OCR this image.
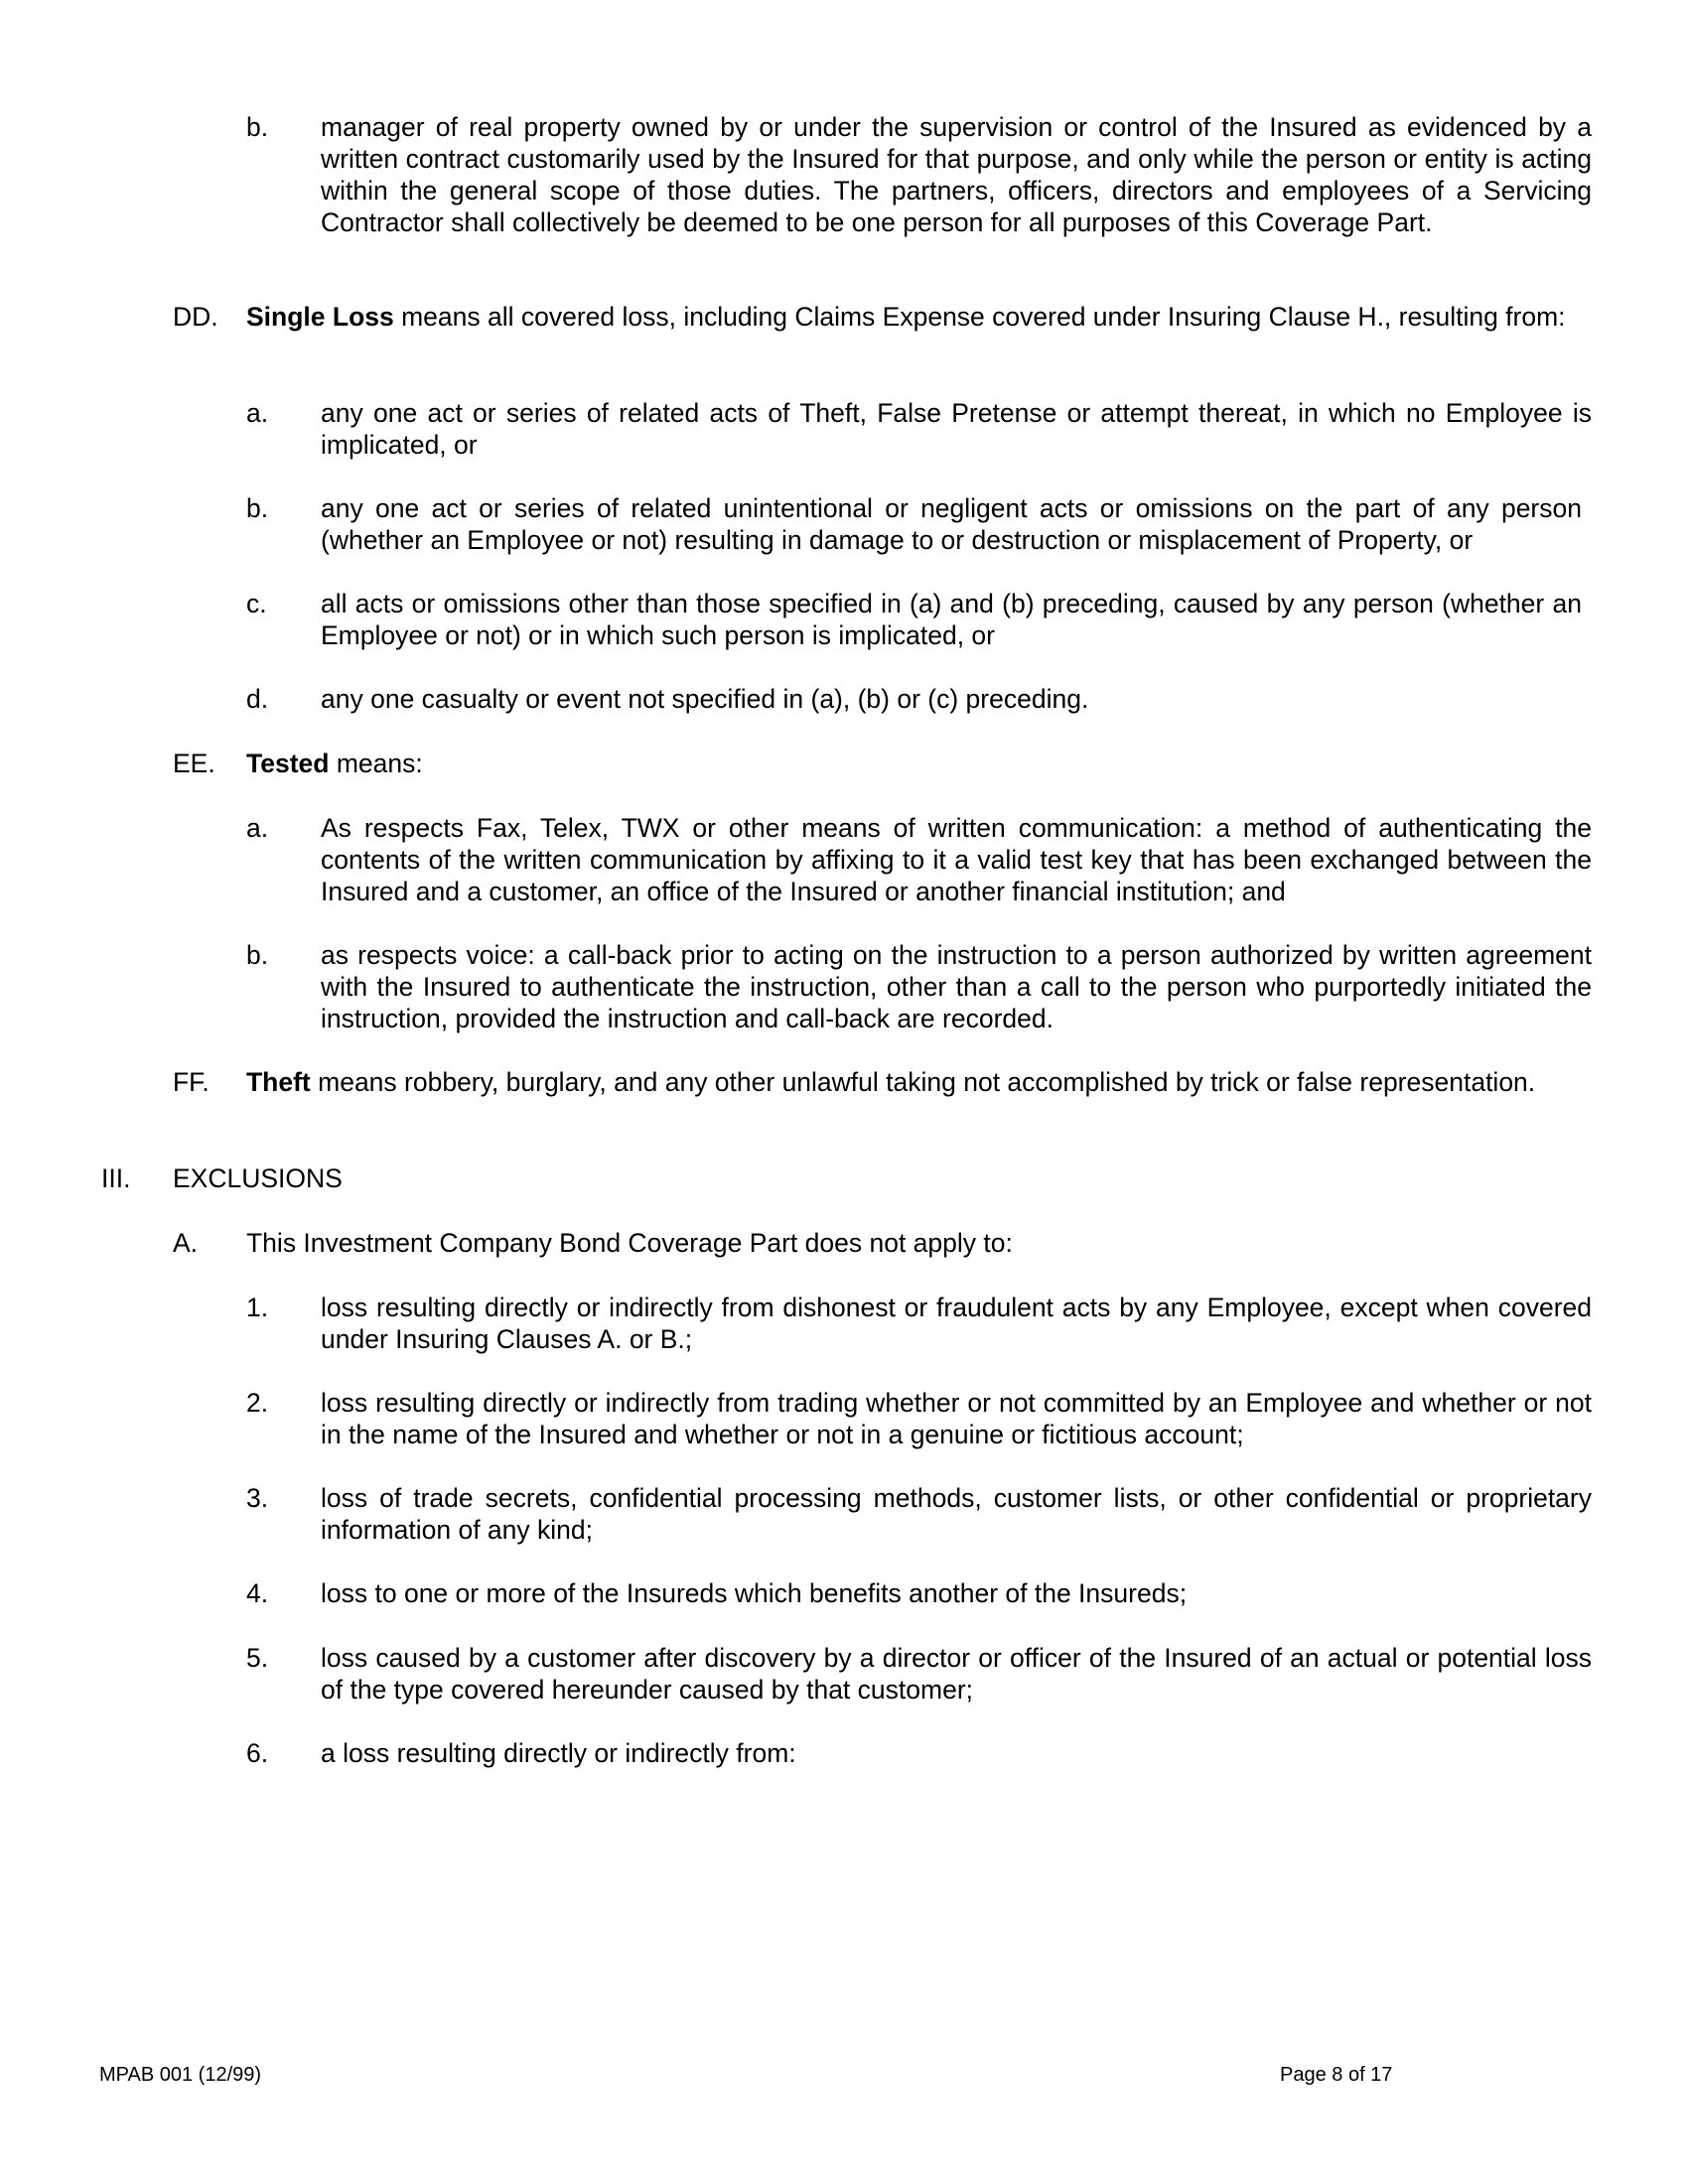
b. manager of real property owned by or under the supervision or control of the Insured as evidenced by a written contract customarily used by the Insured for that purpose, and only while the person or entity is acting within the general scope of those duties. The partners, officers, directors and employees of a Servicing Contractor shall collectively be deemed to be one person for all purposes of this Coverage Part.
DD. Single Loss means all covered loss, including Claims Expense covered under Insuring Clause H., resulting from:
a. any one act or series of related acts of Theft, False Pretense or attempt thereat, in which no Employee is implicated, or
b. any one act or series of related unintentional or negligent acts or omissions on the part of any person (whether an Employee or not) resulting in damage to or destruction or misplacement of Property, or
c. all acts or omissions other than those specified in (a) and (b) preceding, caused by any person (whether an Employee or not) or in which such person is implicated, or
d. any one casualty or event not specified in (a), (b) or (c) preceding.
EE. Tested means:
a. As respects Fax, Telex, TWX or other means of written communication: a method of authenticating the contents of the written communication by affixing to it a valid test key that has been exchanged between the Insured and a customer, an office of the Insured or another financial institution; and
b. as respects voice: a call-back prior to acting on the instruction to a person authorized by written agreement with the Insured to authenticate the instruction, other than a call to the person who purportedly initiated the instruction, provided the instruction and call-back are recorded.
FF. Theft means robbery, burglary, and any other unlawful taking not accomplished by trick or false representation.
III. EXCLUSIONS
A. This Investment Company Bond Coverage Part does not apply to:
1. loss resulting directly or indirectly from dishonest or fraudulent acts by any Employee, except when covered under Insuring Clauses A. or B.;
2. loss resulting directly or indirectly from trading whether or not committed by an Employee and whether or not in the name of the Insured and whether or not in a genuine or fictitious account;
3. loss of trade secrets, confidential processing methods, customer lists, or other confidential or proprietary information of any kind;
4. loss to one or more of the Insureds which benefits another of the Insureds;
5. loss caused by a customer after discovery by a director or officer of the Insured of an actual or potential loss of the type covered hereunder caused by that customer;
6. a loss resulting directly or indirectly from:
MPAB 001 (12/99)	Page 8 of 17
